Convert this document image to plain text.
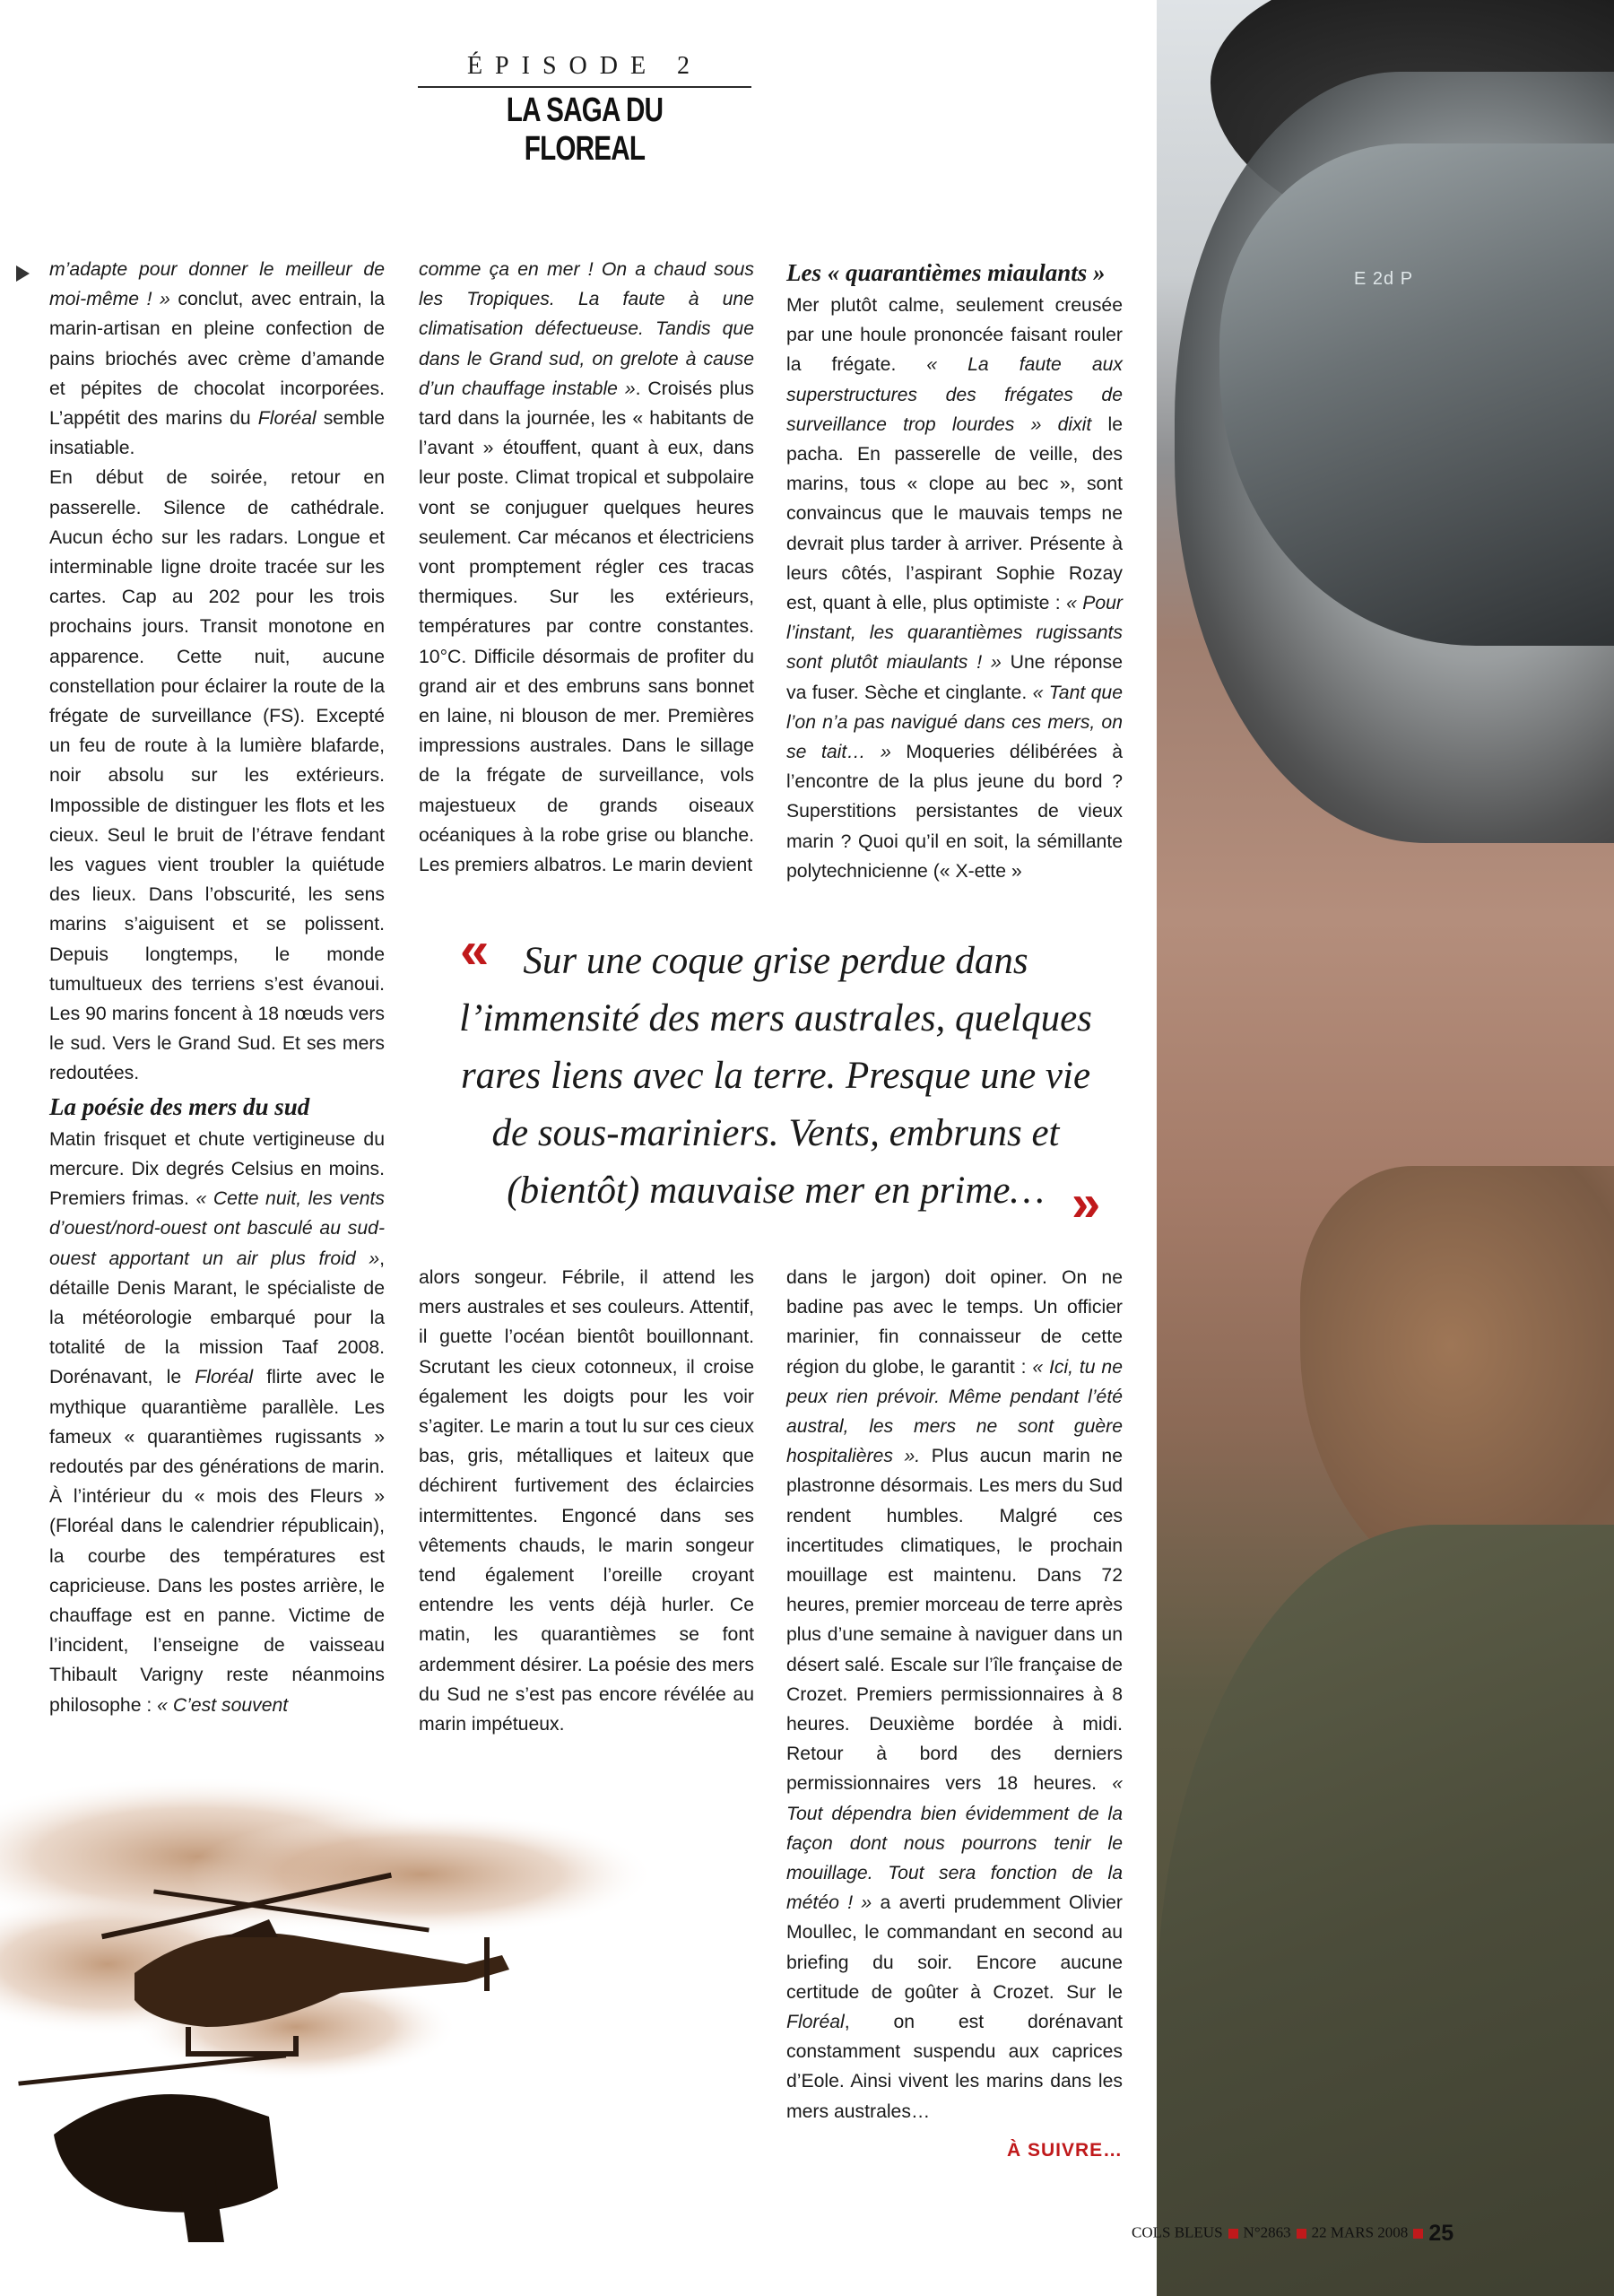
E 2d P
ÉPISODE 2
LA SAGA DU FLOREAL

m’adapte pour donner le meilleur de moi-même ! » conclut, avec entrain, la marin-artisan en pleine confection de pains briochés avec crème d’amande et pépites de chocolat incorporées. L’appétit des marins du Floréal semble insatiable.

En début de soirée, retour en passerelle. Silence de cathédrale. Aucun écho sur les radars. Longue et interminable ligne droite tracée sur les cartes. Cap au 202 pour les trois prochains jours. Transit monotone en apparence. Cette nuit, aucune constellation pour éclairer la route de la frégate de surveillance (FS). Excepté un feu de route à la lumière blafarde, noir absolu sur les extérieurs. Impossible de distinguer les flots et les cieux. Seul le bruit de l’étrave fendant les vagues vient troubler la quiétude des lieux. Dans l’obscurité, les sens marins s’aiguisent et se polissent. Depuis longtemps, le monde tumultueux des terriens s’est évanoui. Les 90 marins foncent à 18 nœuds vers le sud. Vers le Grand Sud. Et ses mers redoutées.

La poésie des mers du sud

Matin frisquet et chute vertigineuse du mercure. Dix degrés Celsius en moins. Premiers frimas. « Cette nuit, les vents d’ouest/nord-ouest ont basculé au sud-ouest apportant un air plus froid », détaille Denis Marant, le spécialiste de la météorologie embarqué pour la totalité de la mission Taaf 2008. Dorénavant, le Floréal flirte avec le mythique quarantième parallèle. Les fameux « quarantièmes rugissants » redoutés par des générations de marin. À l’intérieur du « mois des Fleurs » (Floréal dans le calendrier républicain), la courbe des températures est capricieuse. Dans les postes arrière, le chauffage est en panne. Victime de l’incident, l’enseigne de vaisseau Thibault Varigny reste néanmoins philosophe : « C’est souvent

comme ça en mer ! On a chaud sous les Tropiques. La faute à une climatisation défectueuse. Tandis que dans le Grand sud, on grelote à cause d’un chauffage instable ». Croisés plus tard dans la journée, les « habitants de l’avant » étouffent, quant à eux, dans leur poste. Climat tropical et subpolaire vont se conjuguer quelques heures seulement. Car mécanos et électriciens vont promptement régler ces tracas thermiques. Sur les extérieurs, températures par contre constantes. 10°C. Difficile désormais de profiter du grand air et des embruns sans bonnet en laine, ni blouson de mer. Premières impressions australes. Dans le sillage de la frégate de surveillance, vols majestueux de grands oiseaux océaniques à la robe grise ou blanche. Les premiers albatros. Le marin devient

Les « quarantièmes miaulants »

Mer plutôt calme, seulement creusée par une houle prononcée faisant rouler la frégate. « La faute aux superstructures des frégates de surveillance trop lourdes » dixit le pacha. En passerelle de veille, des marins, tous « clope au bec », sont convaincus que le mauvais temps ne devrait plus tarder à arriver. Présente à leurs côtés, l’aspirant Sophie Rozay est, quant à elle, plus optimiste : « Pour l’instant, les quarantièmes rugissants sont plutôt miaulants ! » Une réponse va fuser. Sèche et cinglante. « Tant que l’on n’a pas navigué dans ces mers, on se tait… » Moqueries délibérées à l’encontre de la plus jeune du bord ? Superstitions persistantes de vieux marin ? Quoi qu’il en soit, la sémillante polytechnicienne (« X-ette »

« Sur une coque grise perdue dans l’immensité des mers australes, quelques rares liens avec la terre. Presque une vie de sous-mariniers. Vents, embruns et (bientôt) mauvaise mer en prime… »

alors songeur. Fébrile, il attend les mers australes et ses couleurs. Attentif, il guette l’océan bientôt bouillonnant. Scrutant les cieux cotonneux, il croise également les doigts pour les voir s’agiter. Le marin a tout lu sur ces cieux bas, gris, métalliques et laiteux que déchirent furtivement des éclaircies intermittentes. Engoncé dans ses vêtements chauds, le marin songeur tend également l’oreille croyant entendre les vents déjà hurler. Ce matin, les quarantièmes se font ardemment désirer. La poésie des mers du Sud ne s’est pas encore révélée au marin impétueux.

dans le jargon) doit opiner. On ne badine pas avec le temps. Un officier marinier, fin connaisseur de cette région du globe, le garantit : « Ici, tu ne peux rien prévoir. Même pendant l’été austral, les mers ne sont guère hospitalières ». Plus aucun marin ne plastronne désormais. Les mers du Sud rendent humbles. Malgré ces incertitudes climatiques, le prochain mouillage est maintenu. Dans 72 heures, premier morceau de terre après plus d’une semaine à naviguer dans un désert salé. Escale sur l’île française de Crozet. Premiers permissionnaires à 8 heures. Deuxième bordée à midi. Retour à bord des derniers permissionnaires vers 18 heures. « Tout dépendra bien évidemment de la façon dont nous pourrons tenir le mouillage. Tout sera fonction de la météo ! » a averti prudemment Olivier Moullec, le commandant en second au briefing du soir. Encore aucune certitude de goûter à Crozet. Sur le Floréal, on est dorénavant constamment suspendu aux caprices d’Eole. Ainsi vivent les marins dans les mers australes…

À SUIVRE…
COLS BLEUS N°2863 22 MARS 2008 25
